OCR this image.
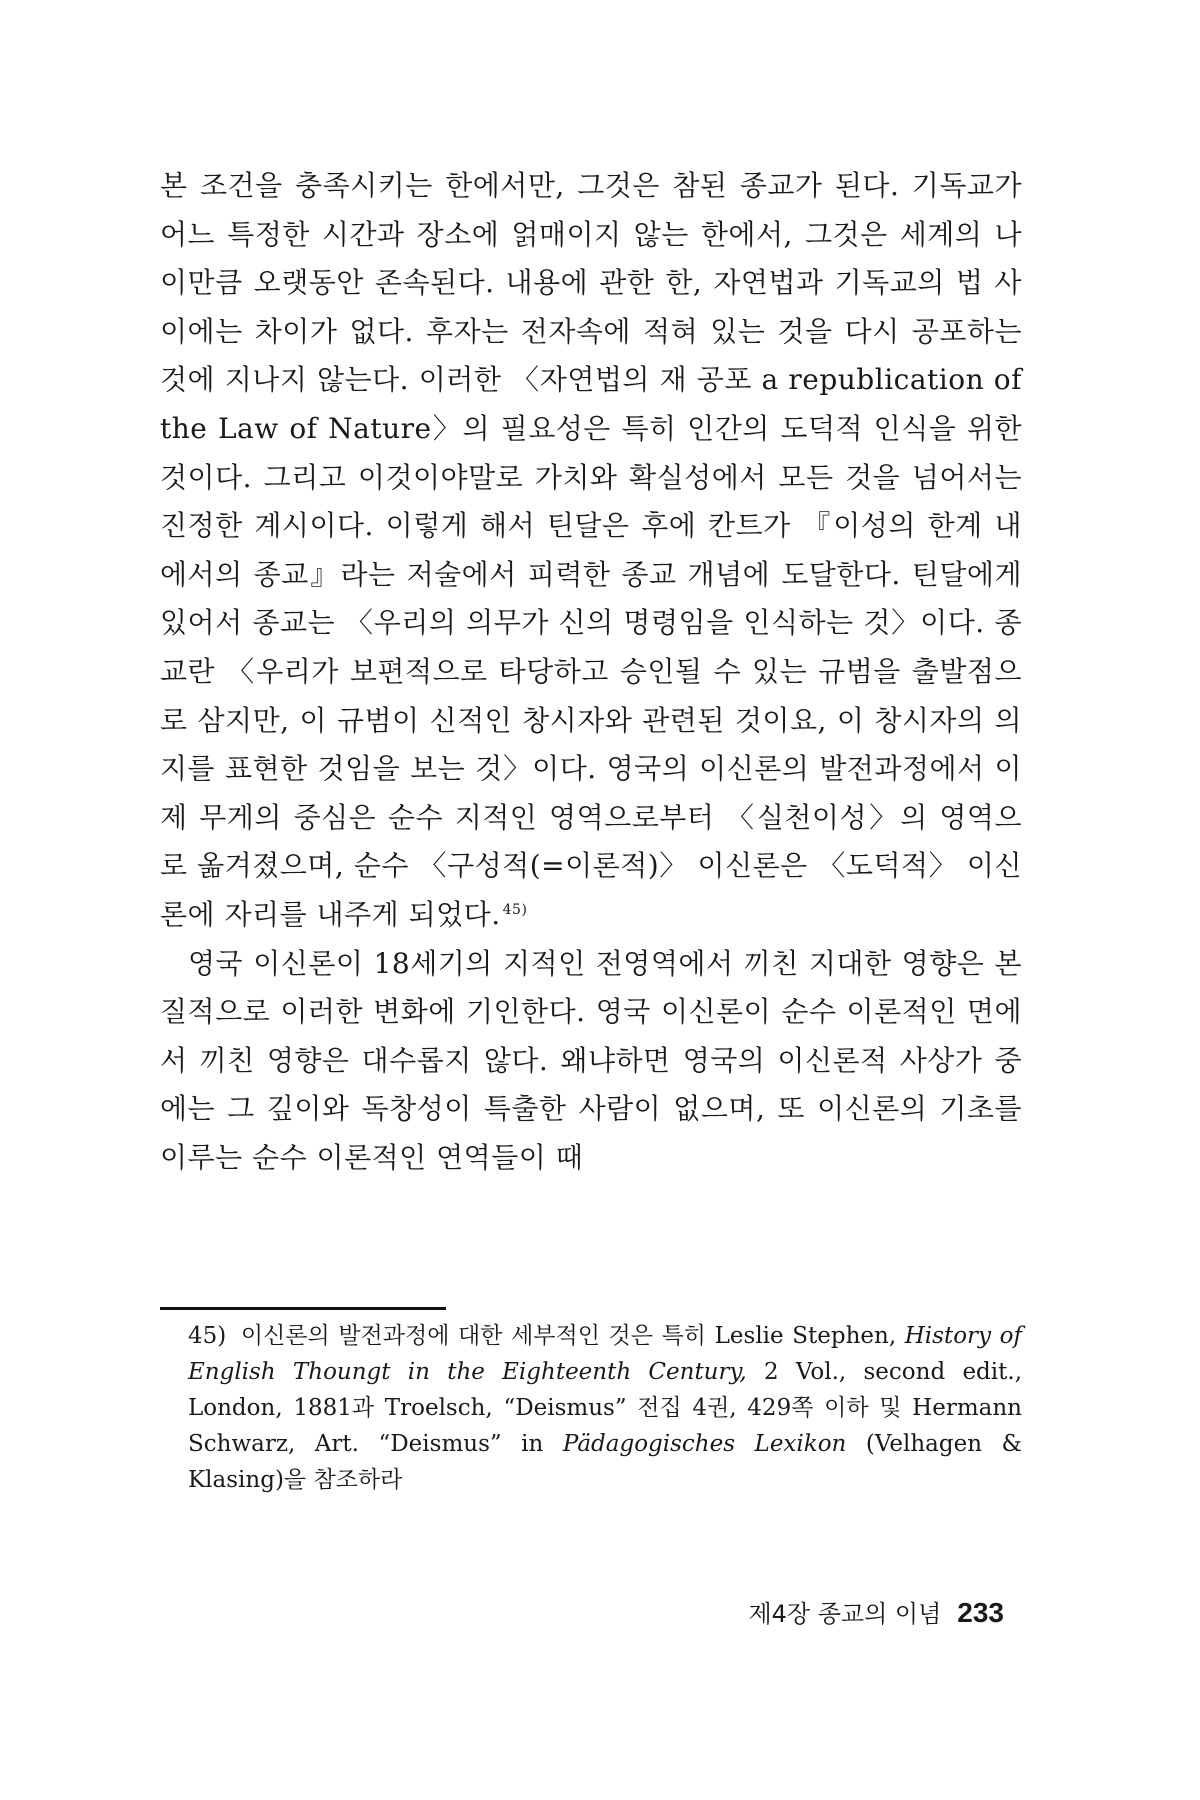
본 조건을 충족시키는 한에서만, 그것은 참된 종교가 된다. 기독교가 어느 특정한 시간과 장소에 얽매이지 않는 한에서, 그것은 세계의 나이만큼 오랫동안 존속된다. 내용에 관한 한, 자연법과 기독교의 법 사이에는 차이가 없다. 후자는 전자속에 적혀 있는 것을 다시 공포하는 것에 지나지 않는다. 이러한 〈자연법의 재 공포 a republication of the Law of Nature〉의 필요성은 특히 인간의 도덕적 인식을 위한 것이다. 그리고 이것이야말로 가치와 확실성에서 모든 것을 넘어서는 진정한 계시이다. 이렇게 해서 틴달은 후에 칸트가 『이성의 한계 내에서의 종교』라는 저술에서 피력한 종교 개념에 도달한다. 틴달에게 있어서 종교는 〈우리의 의무가 신의 명령임을 인식하는 것〉이다. 종교란 〈우리가 보편적으로 타당하고 승인될 수 있는 규범을 출발점으로 삼지만, 이 규범이 신적인 창시자와 관련된 것이요, 이 창시자의 의지를 표현한 것임을 보는 것〉이다. 영국의 이신론의 발전과정에서 이제 무게의 중심은 순수 지적인 영역으로부터 〈실천이성〉의 영역으로 옮겨졌으며, 순수 〈구성적(=이론적)〉 이신론은 〈도덕적〉 이신론에 자리를 내주게 되었다. $^{45)}$

영국 이신론이 18세기의 지적인 전영역에서 끼친 지대한 영향은 본질적으로 이러한 변화에 기인한다. 영국 이신론이 순수 이론적인 면에서 끼친 영향은 대수롭지 않다. 왜냐하면 영국의 이신론적 사상가 중에는 그 깊이와 독창성이 특출한 사람이 없으며, 또 이신론의 기초를 이루는 순수 이론적인 연역들이 때

45) 이신론의 발전과정에 대한 세부적인 것은 특히 Leslie Stephen, History of English Thoungt in the Eighteenth Century, 2 Vol., second edit., London, 1881과 Troelsch, “Deismus” 전집 4권, 429쪽 이하 및 Hermann Schwarz, Art. “Deismus” in Pädagogisches Lexikon (Velhagen & Klasing)을 참조하라
제4장 종교의 이념 233
